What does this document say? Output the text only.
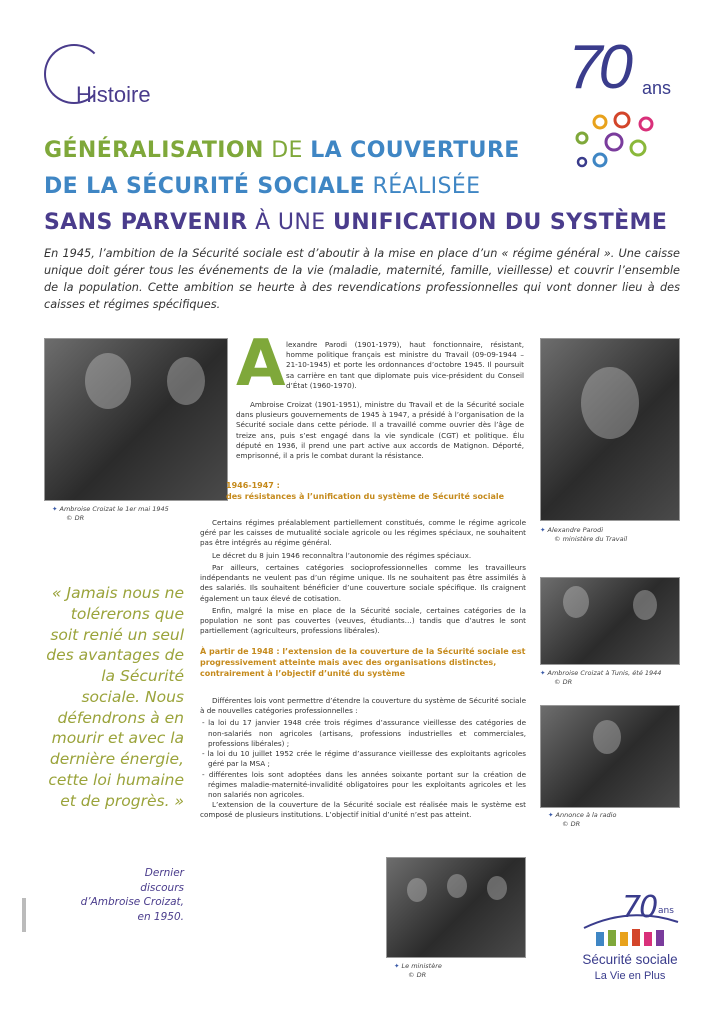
Histoire	70 ans
GÉNÉRALISATION DE LA COUVERTURE
DE LA SÉCURITÉ SOCIALE RÉALISÉE
SANS PARVENIR À UNE UNIFICATION DU SYSTÈME
En 1945, l’ambition de la Sécurité sociale est d’aboutir à la mise en place d’un « régime général ». Une caisse unique doit gérer tous les événements de la vie (maladie, maternité, famille, vieillesse) et couvrir l’ensemble de la population. Cette ambition se heurte à des revendications professionnelles qui vont donner lieu à des caisses et régimes spécifiques.
✦ Ambroise Croizat le 1er mai 1945
© DR
A lexandre Parodi (1901-1979), haut fonctionnaire, résistant, homme politique français est ministre du Travail (09-09-1944 – 21-10-1945) et porte les ordonnances d’octobre 1945. Il poursuit sa carrière en tant que diplomate puis vice-président du Conseil d’État (1960-1970).
Ambroise Croizat (1901-1951), ministre du Travail et de la Sécurité sociale dans plusieurs gouvernements de 1945 à 1947, a présidé à l’organisation de la Sécurité sociale dans cette période. Il a travaillé comme ouvrier dès l’âge de treize ans, puis s’est engagé dans la vie syndicale (CGT) et politique. Élu député en 1936, il prend une part active aux accords de Matignon. Déporté, emprisonné, il a pris le combat durant la résistance.
1946-1947 :
des résistances à l’unification du système de Sécurité sociale

Certains régimes préalablement partiellement constitués, comme le régime agricole géré par les caisses de mutualité sociale agricole ou les régimes spéciaux, ne souhaitent pas être intégrés au régime général.

Le décret du 8 juin 1946 reconnaîtra l’autonomie des régimes spéciaux.

Par ailleurs, certaines catégories socioprofessionnelles comme les travailleurs indépendants ne veulent pas d’un régime unique. Ils ne souhaitent pas être assimilés à des salariés. Ils souhaitent bénéficier d’une couverture sociale spécifique. Ils craignent également un taux élevé de cotisation.

Enfin, malgré la mise en place de la Sécurité sociale, certaines catégories de la population ne sont pas couvertes (veuves, étudiants…) tandis que d’autres le sont partiellement (agriculteurs, professions libérales).

À partir de 1948 : l’extension de la couverture de la Sécurité sociale est progressivement atteinte mais avec des organisations distinctes, contrairement à l’objectif d’unité du système

Différentes lois vont permettre d’étendre la couverture du système de Sécurité sociale à de nouvelles catégories professionnelles :

- la loi du 17 janvier 1948 crée trois régimes d’assurance vieillesse des catégories de non-salariés non agricoles (artisans, professions industrielles et commerciales, professions libérales) ;
- la loi du 10 juillet 1952 crée le régime d’assurance vieillesse des exploitants agricoles géré par la MSA ;
- différentes lois sont adoptées dans les années soixante portant sur la création de régimes maladie-maternité-invalidité obligatoires pour les exploitants agricoles et les non salariés non agricoles.

L’extension de la couverture de la Sécurité sociale est réalisée mais le système est composé de plusieurs institutions. L’objectif initial d’unité n’est pas atteint.

« Jamais nous ne tolérerons que soit renié un seul des avantages de la Sécurité sociale. Nous défendrons à en mourir et avec la dernière énergie, cette loi humaine et de progrès. »
Dernier
discours
d’Ambroise Croizat,
en 1950.
✦ Alexandre Parodi
© ministère du Travail
✦ Ambroise Croizat à Tunis, été 1944
© DR
✦ Annonce à la radio
© DR
✦ Le ministère
© DR
70 ans
Sécurité sociale
La Vie en Plus
